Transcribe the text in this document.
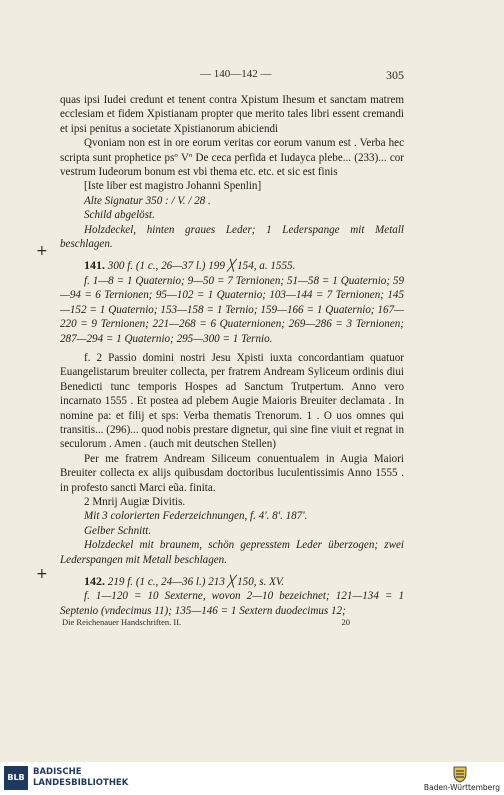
— 140—142 —	305
+
+

quas ipsi Iudei credunt et tenent contra Xpistum Ihesum et sanctam matrem ecclesiam et fidem Xpistianam propter que merito tales libri essent cremandi et ipsi penitus a societate Xpistianorum abiciendi

Qvoniam non est in ore eorum veritas cor eorum vanum est . Verba hec scripta sunt prophetice psº Vº De ceca perfida et Iudayca plebe... (233)... cor vestrum Iudeorum bonum est vbi thema etc. etc. et sic est finis

[Iste liber est magistro Johanni Spenlin]

Alte Signatur 350 : / V. / 28 .

Schild abgelöst.

Holzdeckel, hinten graues Leder; 1 Lederspange mit Metall beschlagen.

141. 300 f. (1 c., 26—37 l.) 199 ╳ 154, a. 1555.

f. 1—8 = 1 Quaternio; 9—50 = 7 Ternionen; 51—58 = 1 Quaternio; 59—94 = 6 Ternionen; 95—102 = 1 Quaternio; 103—144 = 7 Ternionen; 145—152 = 1 Quaternio; 153—158 = 1 Ternio; 159—166 = 1 Quaternio; 167—220 = 9 Ternionen; 221—268 = 6 Quaternionen; 269—286 = 3 Ternionen; 287—294 = 1 Quaternio; 295—300 = 1 Ternio.

f. 2 Passio domini nostri Jesu Xpisti iuxta concordantiam quatuor Euangelistarum breuiter collecta, per fratrem Andream Syliceum ordinis diui Benedicti tunc temporis Hospes ad Sanctum Trutpertum. Anno vero incarnato 1555 . Et postea ad plebem Augie Maioris Breuiter declamata . In nomine pa: et filij et sps: Verba thematis Trenorum. 1 . O uos omnes qui transitis... (296)... quod nobis prestare dignetur, qui sine fine viuit et regnat in seculorum . Amen . (auch mit deutschen Stellen)

Per me fratrem Andream Siliceum conuentualem in Augia Maiori Breuiter collecta ex alijs quibusdam doctoribus luculentissimis Anno 1555 . in profesto sancti Marci eũa. finita.

2 Mnrij Augiæ Divitis.

Mit 3 colorierten Federzeichnungen, f. 4'. 8'. 187'.

Gelber Schnitt.

Holzdeckel mit braunem, schön gepresstem Leder überzogen; zwei Lederspangen mit Metall beschlagen.

142. 219 f. (1 c., 24—36 l.) 213 ╳ 150, s. XV.

f. 1—120 = 10 Sexterne, wovon 2—10 bezeichnet; 121—134 = 1 Septenio (vndecimus 11); 135—146 = 1 Sextern duodecimus 12;

Die Reichenauer Handschriften. II.	20
BLB
BADISCHE
LANDESBIBLIOTHEK	Baden-Württemberg
